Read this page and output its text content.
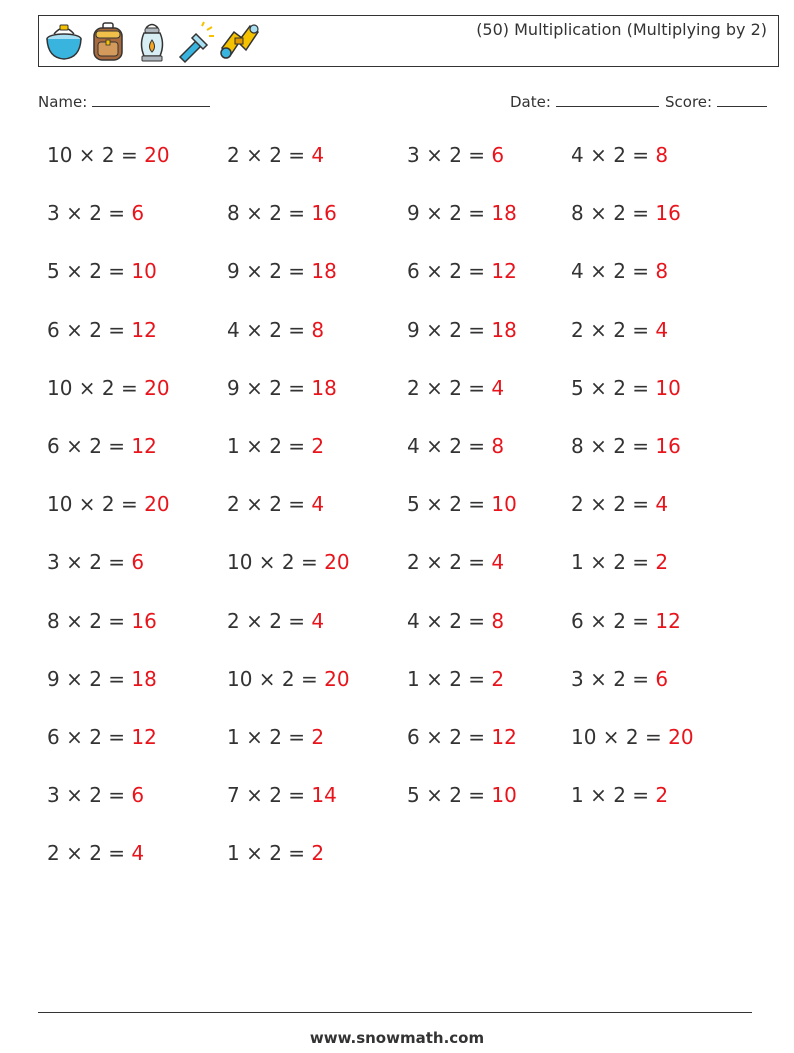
(50) Multiplication (Multiplying by 2)
Name:	Date:	Score:
10 × 2 = 20	2 × 2 = 4	3 × 2 = 6	4 × 2 = 8
3 × 2 = 6	8 × 2 = 16	9 × 2 = 18	8 × 2 = 16
5 × 2 = 10	9 × 2 = 18	6 × 2 = 12	4 × 2 = 8
6 × 2 = 12	4 × 2 = 8	9 × 2 = 18	2 × 2 = 4
10 × 2 = 20	9 × 2 = 18	2 × 2 = 4	5 × 2 = 10
6 × 2 = 12	1 × 2 = 2	4 × 2 = 8	8 × 2 = 16
10 × 2 = 20	2 × 2 = 4	5 × 2 = 10	2 × 2 = 4
3 × 2 = 6	10 × 2 = 20	2 × 2 = 4	1 × 2 = 2
8 × 2 = 16	2 × 2 = 4	4 × 2 = 8	6 × 2 = 12
9 × 2 = 18	10 × 2 = 20	1 × 2 = 2	3 × 2 = 6
6 × 2 = 12	1 × 2 = 2	6 × 2 = 12	10 × 2 = 20
3 × 2 = 6	7 × 2 = 14	5 × 2 = 10	1 × 2 = 2
2 × 2 = 4	1 × 2 = 2
www.snowmath.com
